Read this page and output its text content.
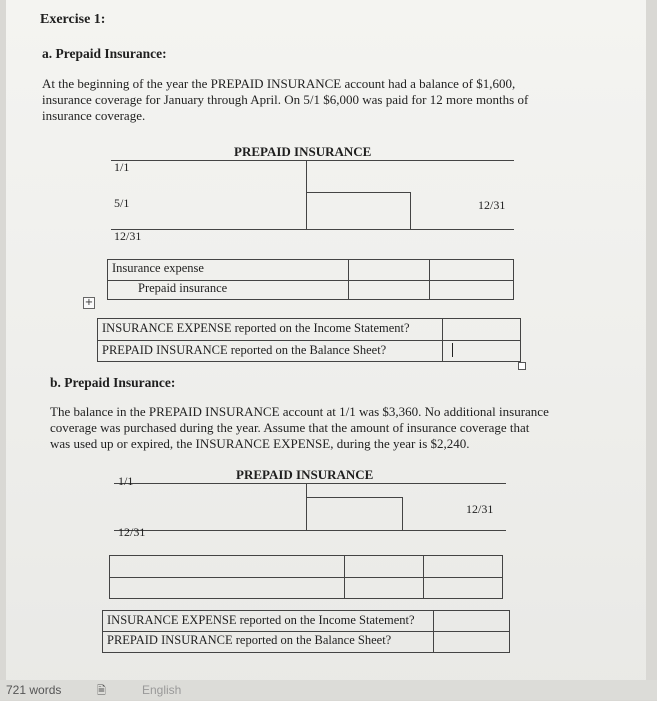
Exercise 1:
a. Prepaid Insurance:
At the beginning of the year the PREPAID INSURANCE account had a balance of $1,600,
insurance coverage for January through April. On 5/1 $6,000 was paid for 12 more months of
insurance coverage.
PREPAID INSURANCE
1/1
5/1
12/31
12/31
Insurance expense
Prepaid insurance
+
INSURANCE EXPENSE reported on the Income Statement?
PREPAID INSURANCE reported on the Balance Sheet?
b. Prepaid Insurance:
The balance in the PREPAID INSURANCE account at 1/1 was $3,360. No additional insurance
coverage was purchased during the year. Assume that the amount of insurance coverage that
was used up or expired, the INSURANCE EXPENSE, during the year is $2,240.
PREPAID INSURANCE
1/1
12/31
12/31
INSURANCE EXPENSE reported on the Income Statement?
PREPAID INSURANCE reported on the Balance Sheet?
721 words	🗎	English
